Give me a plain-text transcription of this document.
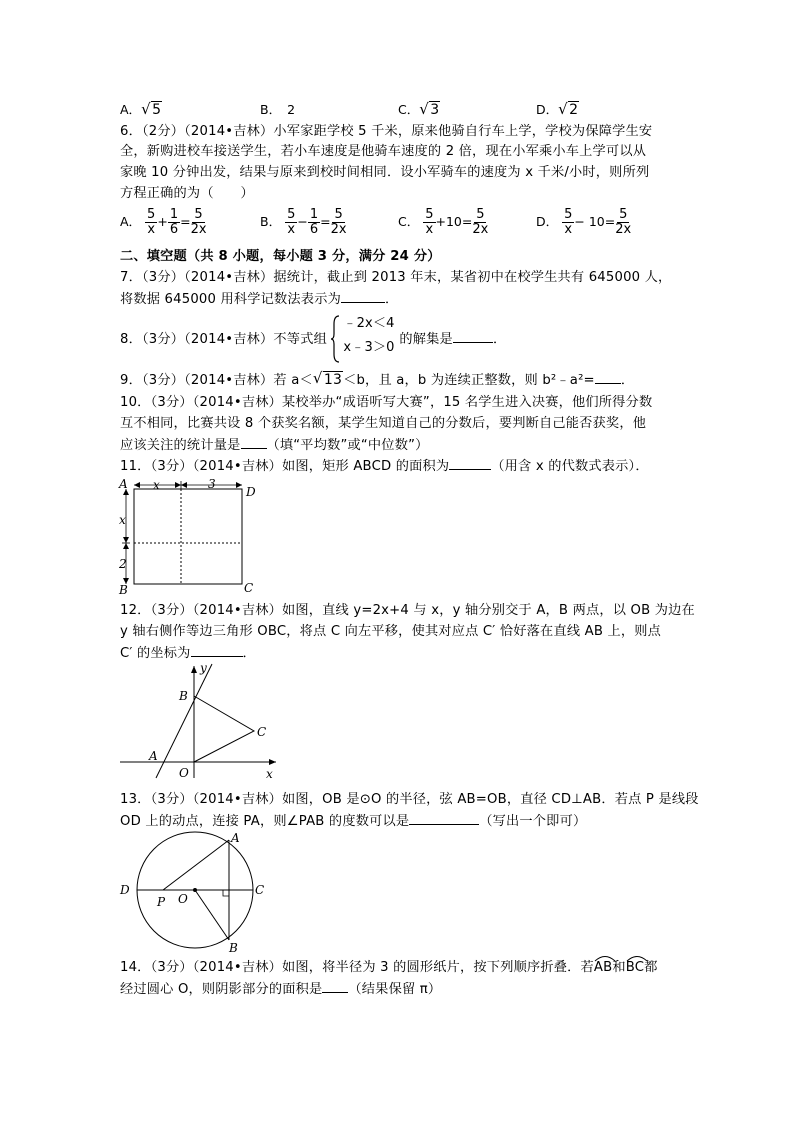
A． √ 5	B． 2	C． √ 3	D． √ 2
6．（2分）（2014•吉林）小军家距学校 5 千米，原来他骑自行车上学，学校为保障学生安
全，新购进校车接送学生，若小车速度是他骑车速度的 2 倍，现在小军乘小车上学可以从
家晚 10 分钟出发，结果与原来到校时间相同．设小军骑车的速度为 x 千米/小时，则所列
方程正确的为（　　）
A． $\frac{5}{x} + \frac{1}{6} = \frac{5}{2x}$	B． $\frac{5}{x} - \frac{1}{6} = \frac{5}{2x}$	C． $\frac{5}{x} +10= \frac{5}{2x}$	D． $\frac{5}{x} - 10= \frac{5}{2x}$
二、填空题（共 8 小题，每小题 3 分，满分 24 分）
7．（3分）（2014•吉林）据统计，截止到 2013 年末，某省初中在校学生共有 645000 人，
将数据 645000 用科学记数法表示为	．
8．（3分）（2014•吉林）不等式组
﹣2x＜4
x﹣3＞0
的解集是	．
9．（3分）（2014•吉林）若 a＜ √ 13＜b，且 a，b 为连续正整数，则 b²﹣a²= ．
10．（3分）（2014•吉林）某校举办“成语听写大赛”，15 名学生进入决赛，他们所得分数
互不相同，比赛共设 8 个获奖名额，某学生知道自己的分数后，要判断自己能否获奖，他
应该关注的统计量是 （填“平均数”或“中位数”）
11．（3分）（2014•吉林）如图，矩形 ABCD 的面积为	（用含 x 的代数式表示）．
A
D
B	C
x	3
x
2
12．（3分）（2014•吉林）如图，直线 y=2x+4 与 x，y 轴分别交于 A，B 两点，以 OB 为边在
y 轴右侧作等边三角形 OBC，将点 C 向左平移，使其对应点 C′ 恰好落在直线 AB 上，则点
C′ 的坐标为	．
y
x
B
C
A
O
13．（3分）（2014•吉林）如图，OB 是⊙O 的半径，弦 AB=OB，直径 CD⊥AB．若点 P 是线段
OD 上的动点，连接 PA，则∠PAB 的度数可以是	（写出一个即可）
A
B
C
D
P O
14．（3分）（2014•吉林）如图，将半径为 3 的圆形纸片，按下列顺序折叠．若
AB和
BC都
经过圆心 O，则阴影部分的面积是 （结果保留 π）
